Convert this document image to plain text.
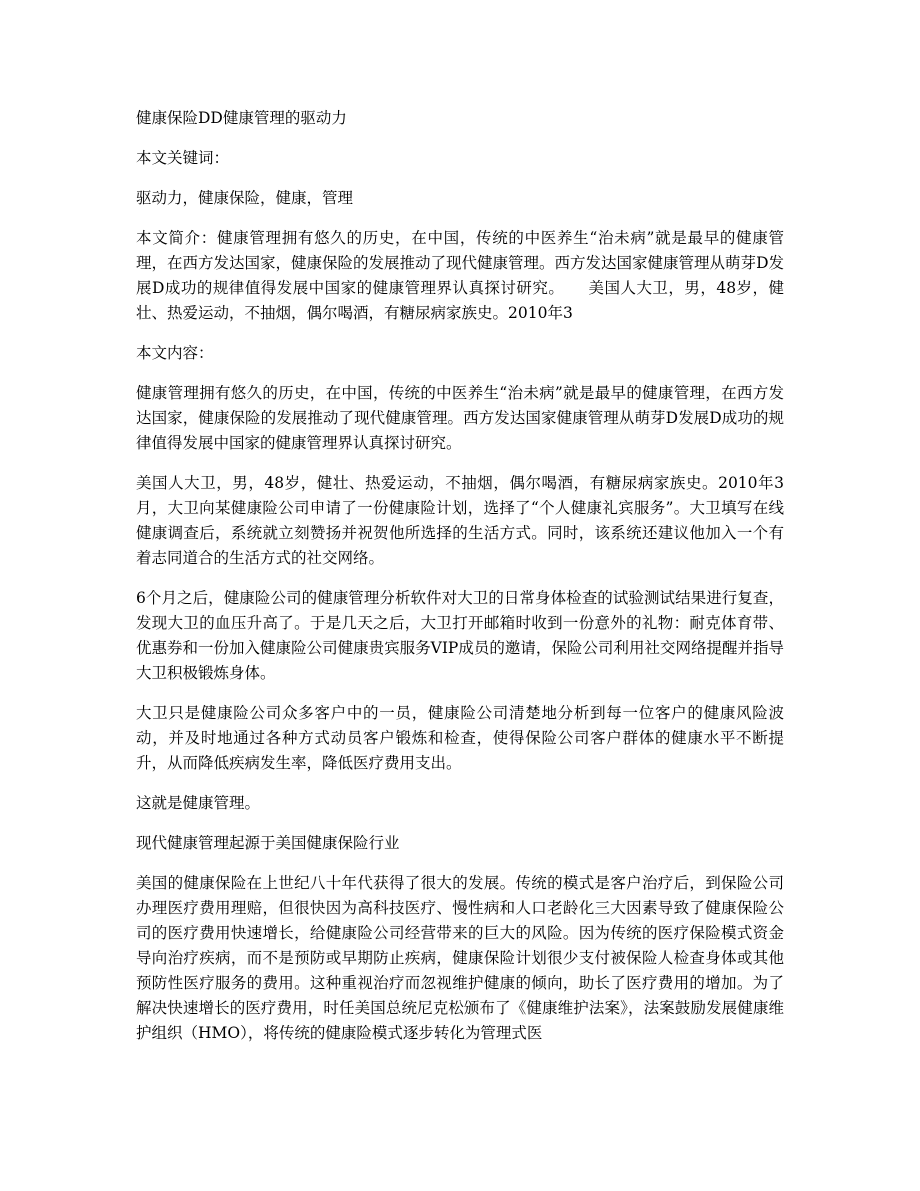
健康保险DD健康管理的驱动力

本文关键词：

驱动力，健康保险，健康，管理

本文简介：健康管理拥有悠久的历史，在中国，传统的中医养生“治未病”就是最早的健康管理，在西方发达国家，健康保险的发展推动了现代健康管理。西方发达国家健康管理从萌芽D发展D成功的规律值得发展中国家的健康管理界认真探讨研究。　　美国人大卫，男，48岁，健壮、热爱运动，不抽烟，偶尔喝酒，有糖尿病家族史。2010年3

本文内容：

健康管理拥有悠久的历史，在中国，传统的中医养生“治未病”就是最早的健康管理，在西方发达国家，健康保险的发展推动了现代健康管理。西方发达国家健康管理从萌芽D发展D成功的规律值得发展中国家的健康管理界认真探讨研究。

美国人大卫，男，48岁，健壮、热爱运动，不抽烟，偶尔喝酒，有糖尿病家族史。2010年3月，大卫向某健康险公司申请了一份健康险计划，选择了“个人健康礼宾服务”。大卫填写在线健康调查后，系统就立刻赞扬并祝贺他所选择的生活方式。同时，该系统还建议他加入一个有着志同道合的生活方式的社交网络。

6个月之后，健康险公司的健康管理分析软件对大卫的日常身体检查的试验测试结果进行复查，发现大卫的血压升高了。于是几天之后，大卫打开邮箱时收到一份意外的礼物：耐克体育带、优惠券和一份加入健康险公司健康贵宾服务VIP成员的邀请，保险公司利用社交网络提醒并指导大卫积极锻炼身体。

大卫只是健康险公司众多客户中的一员，健康险公司清楚地分析到每一位客户的健康风险波动，并及时地通过各种方式动员客户锻炼和检查，使得保险公司客户群体的健康水平不断提升，从而降低疾病发生率，降低医疗费用支出。

这就是健康管理。

现代健康管理起源于美国健康保险行业

美国的健康保险在上世纪八十年代获得了很大的发展。传统的模式是客户治疗后，到保险公司办理医疗费用理赔，但很快因为高科技医疗、慢性病和人口老龄化三大因素导致了健康保险公司的医疗费用快速增长，给健康险公司经营带来的巨大的风险。因为传统的医疗保险模式资金导向治疗疾病，而不是预防或早期防止疾病，健康保险计划很少支付被保险人检查身体或其他预防性医疗服务的费用。这种重视治疗而忽视维护健康的倾向，助长了医疗费用的增加。为了解决快速增长的医疗费用，时任美国总统尼克松颁布了《健康维护法案》，法案鼓励发展健康维护组织（HMO），将传统的健康险模式逐步转化为管理式医
